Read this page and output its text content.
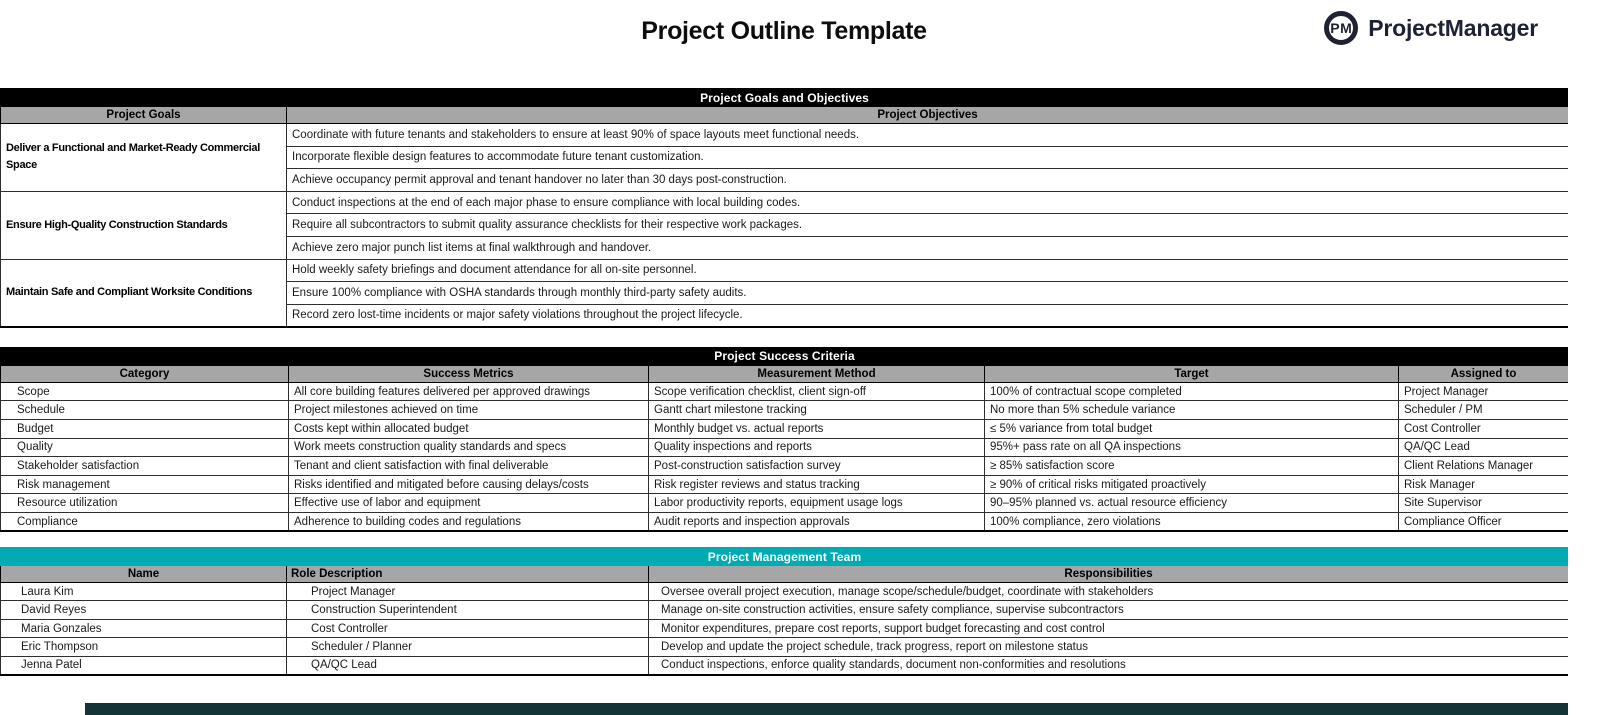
Project Outline Template	PM ProjectManager
Project Goals and Objectives	
Project Goals	Project Objectives
Deliver a Functional and Market-Ready Commercial Space	Coordinate with future tenants and stakeholders to ensure at least 90% of space layouts meet functional needs.
	Incorporate flexible design features to accommodate future tenant customization.
	Achieve occupancy permit approval and tenant handover no later than 30 days post-construction.
Ensure High-Quality Construction Standards	Conduct inspections at the end of each major phase to ensure compliance with local building codes.
	Require all subcontractors to submit quality assurance checklists for their respective work packages.
	Achieve zero major punch list items at final walkthrough and handover.
Maintain Safe and Compliant Worksite Conditions	Hold weekly safety briefings and document attendance for all on-site personnel.
	Ensure 100% compliance with OSHA standards through monthly third-party safety audits.
	Record zero lost-time incidents or major safety violations throughout the project lifecycle.
Project Success Criteria				
Category	Success Metrics	Measurement Method	Target	Assigned to
Scope	All core building features delivered per approved drawings	Scope verification checklist, client sign-off	100% of contractual scope completed	Project Manager
Schedule	Project milestones achieved on time	Gantt chart milestone tracking	No more than 5% schedule variance	Scheduler / PM
Budget	Costs kept within allocated budget	Monthly budget vs. actual reports	≤ 5% variance from total budget	Cost Controller
Quality	Work meets construction quality standards and specs	Quality inspections and reports	95%+ pass rate on all QA inspections	QA/QC Lead
Stakeholder satisfaction	Tenant and client satisfaction with final deliverable	Post-construction satisfaction survey	≥ 85% satisfaction score	Client Relations Manager
Risk management	Risks identified and mitigated before causing delays/costs	Risk register reviews and status tracking	≥ 90% of critical risks mitigated proactively	Risk Manager
Resource utilization	Effective use of labor and equipment	Labor productivity reports, equipment usage logs	90–95% planned vs. actual resource efficiency	Site Supervisor
Compliance	Adherence to building codes and regulations	Audit reports and inspection approvals	100% compliance, zero violations	Compliance Officer
Project Management Team		
Name	Role Description	Responsibilities
Laura Kim	Project Manager	Oversee overall project execution, manage scope/schedule/budget, coordinate with stakeholders
David Reyes	Construction Superintendent	Manage on-site construction activities, ensure safety compliance, supervise subcontractors
Maria Gonzales	Cost Controller	Monitor expenditures, prepare cost reports, support budget forecasting and cost control
Eric Thompson	Scheduler / Planner	Develop and update the project schedule, track progress, report on milestone status
Jenna Patel	QA/QC Lead	Conduct inspections, enforce quality standards, document non-conformities and resolutions
